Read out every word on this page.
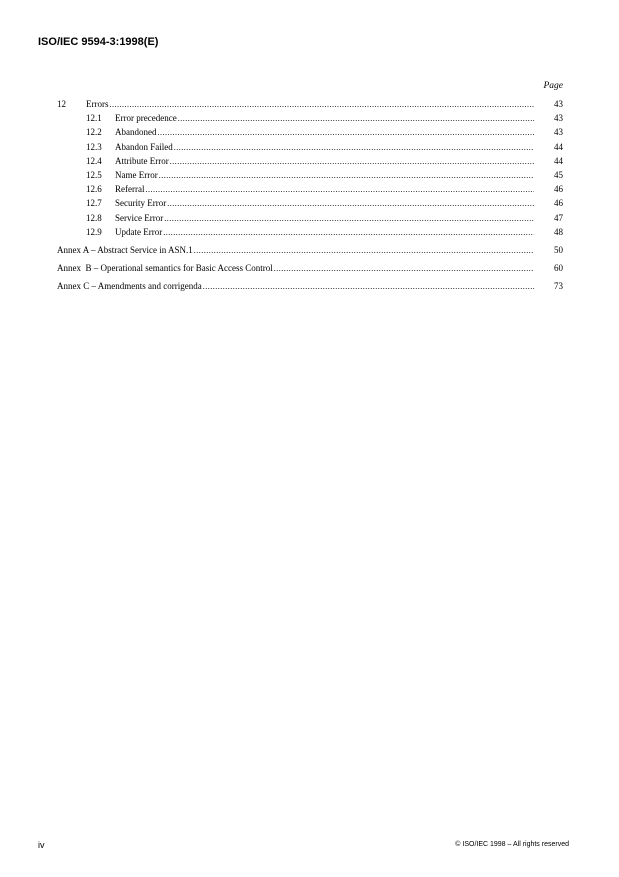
ISO/IEC 9594-3:1998(E)
Page
12	Errors .....	43
12.1	Error precedence .....	43
12.2	Abandoned .....	43
12.3	Abandon Failed .....	44
12.4	Attribute Error .....	44
12.5	Name Error .....	45
12.6	Referral .....	46
12.7	Security Error .....	46
12.8	Service Error .....	47
12.9	Update Error .....	48
Annex A – Abstract Service in ASN.1 .....	50
Annex  B – Operational semantics for Basic Access Control .....	60
Annex C – Amendments and corrigenda .....	73
iv	© ISO/IEC 1998 – All rights reserved
